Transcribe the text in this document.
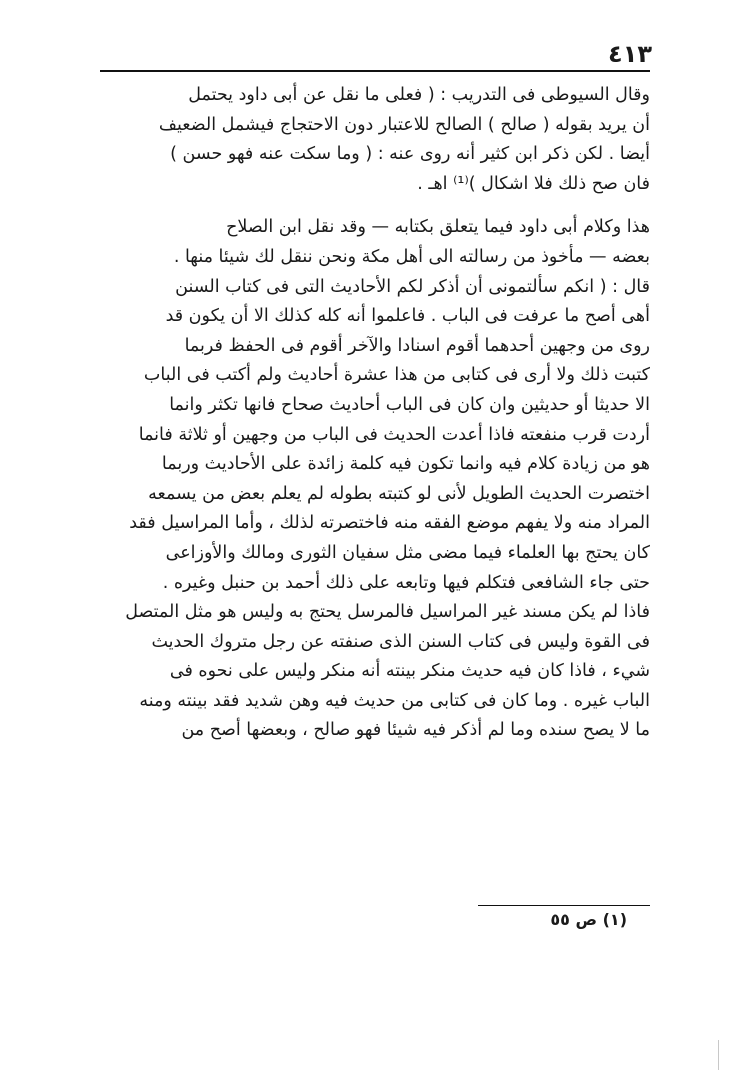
٤١٣

وقال السيوطى فى التدريب : ( فعلى ما نقل عن أبى داود يحتمل
أن يريد بقوله ( صالح ) الصالح للاعتبار دون الاحتجاج فيشمل الضعيف
أيضا . لكن ذكر ابن كثير أنه روى عنه : ( وما سكت عنه فهو حسن )
فان صح ذلك فلا اشكال )⁽¹⁾ اهـ .

هذا وكلام أبى داود فيما يتعلق بكتابه — وقد نقل ابن الصلاح
بعضه — مأخوذ من رسالته الى أهل مكة ونحن ننقل لك شيئا منها .

قال : ( انكم سألتمونى أن أذكر لكم الأحاديث التى فى كتاب السنن
أهى أصح ما عرفت فى الباب . فاعلموا أنه كله كذلك الا أن يكون قد
روى من وجهين أحدهما أقوم اسنادا والآخر أقوم فى الحفظ فربما
كتبت ذلك ولا أرى فى كتابى من هذا عشرة أحاديث ولم أكتب فى الباب
الا حديثا أو حديثين وان كان فى الباب أحاديث صحاح فانها تكثر وانما
أردت قرب منفعته فاذا أعدت الحديث فى الباب من وجهين أو ثلاثة فانما
هو من زيادة كلام فيه وانما تكون فيه كلمة زائدة على الأحاديث وربما
اختصرت الحديث الطويل لأنى لو كتبته بطوله لم يعلم بعض من يسمعه
المراد منه ولا يفهم موضع الفقه منه فاختصرته لذلك ، وأما المراسيل فقد
كان يحتج بها العلماء فيما مضى مثل سفيان الثورى ومالك والأوزاعى
حتى جاء الشافعى فتكلم فيها وتابعه على ذلك أحمد بن حنبل وغيره .

فاذا لم يكن مسند غير المراسيل فالمرسل يحتج به وليس هو مثل المتصل
فى القوة وليس فى كتاب السنن الذى صنفته عن رجل متروك الحديث
شيء ، فاذا كان فيه حديث منكر بينته أنه منكر وليس على نحوه فى
الباب غيره . وما كان فى كتابى من حديث فيه وهن شديد فقد بينته ومنه
ما لا يصح سنده وما لم أذكر فيه شيئا فهو صالح ، وبعضها أصح من

(١) ص ٥٥
